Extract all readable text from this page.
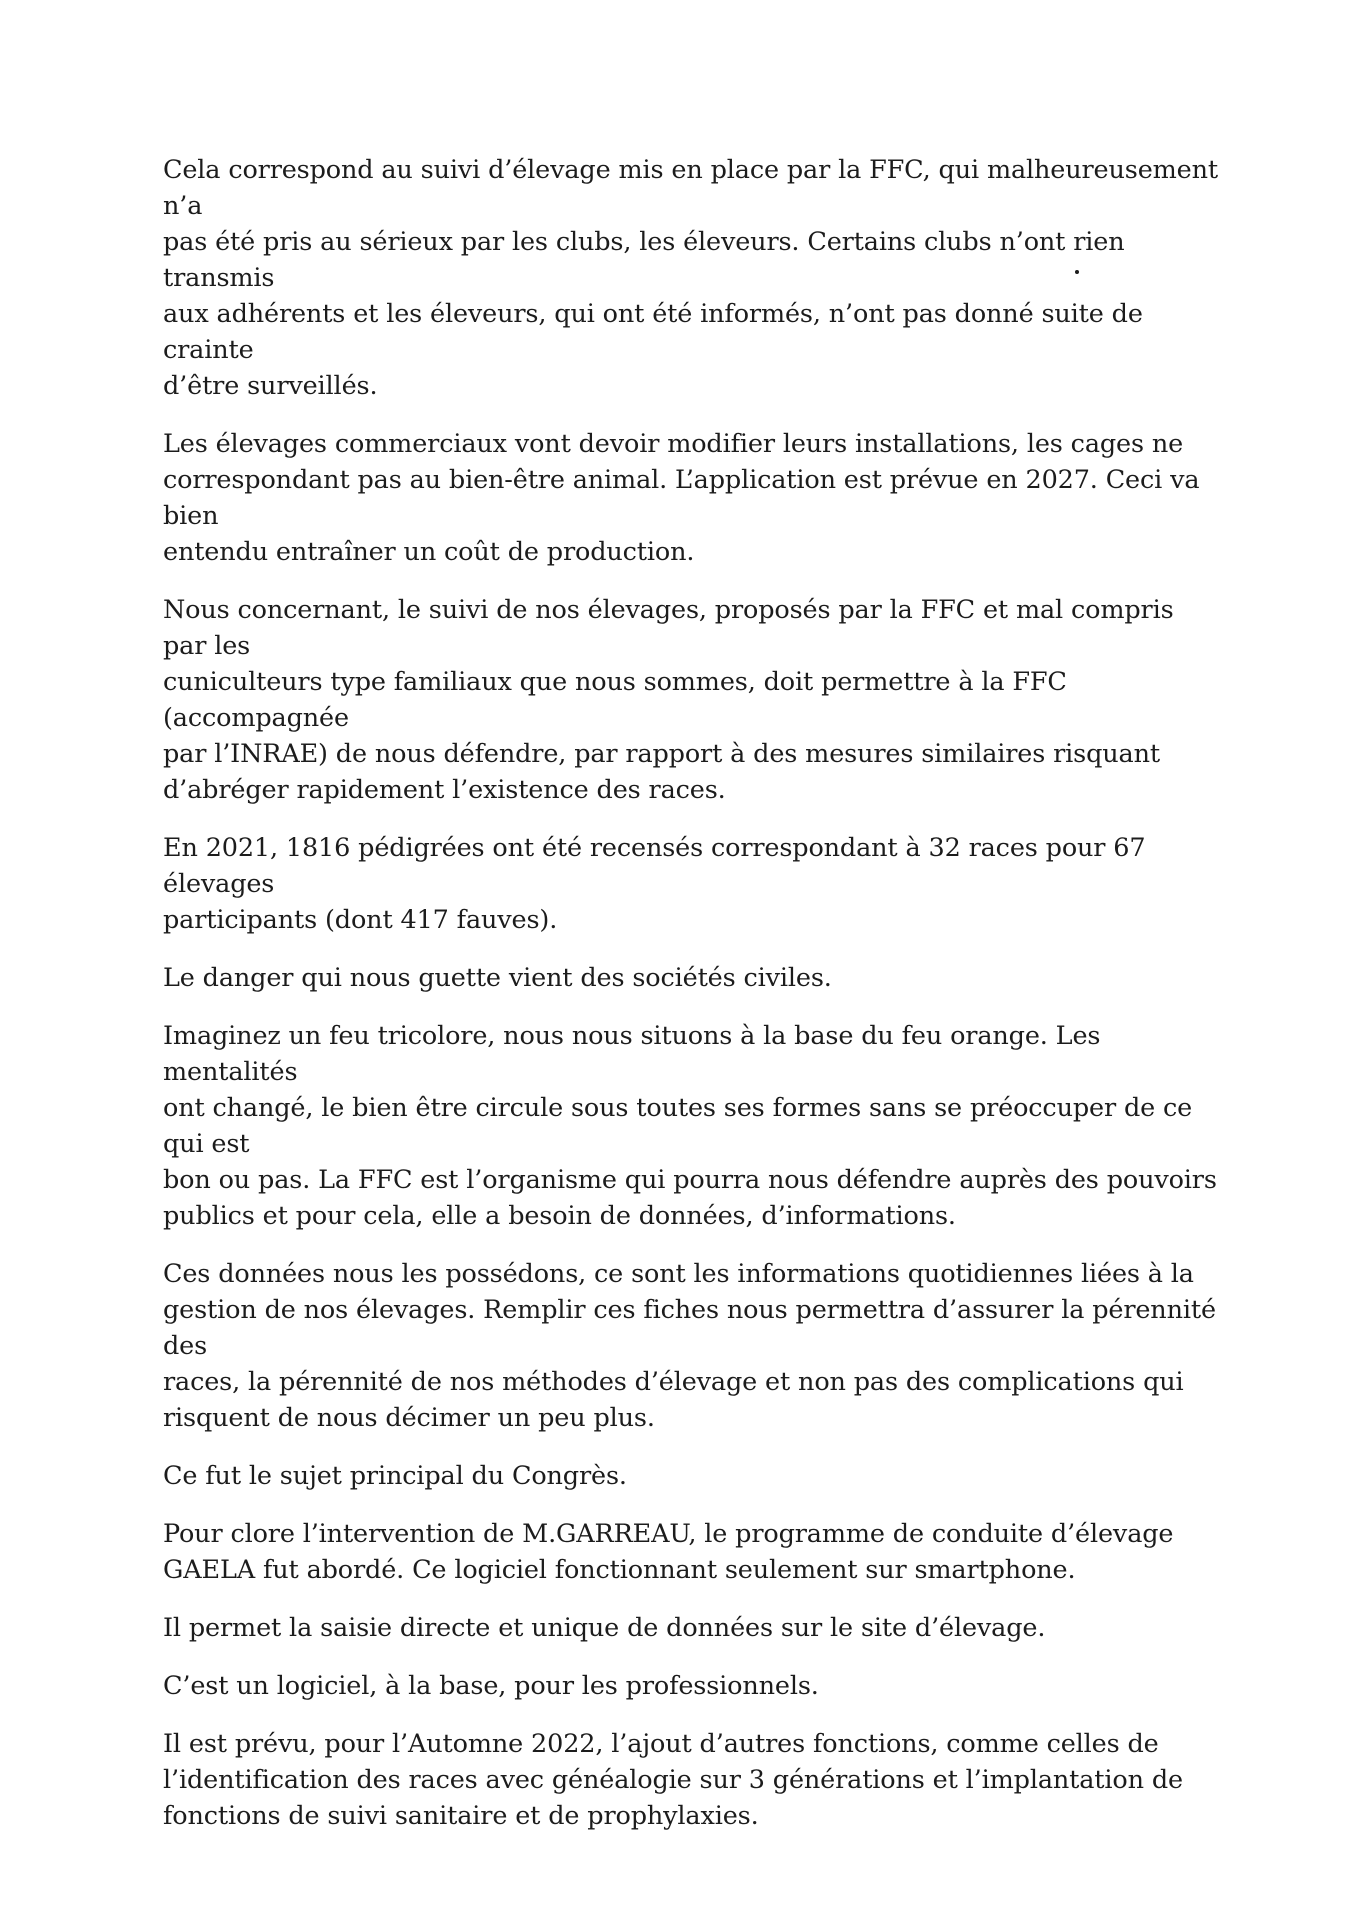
Cela correspond au suivi d’élevage mis en place par la FFC, qui malheureusement n’a
pas été pris au sérieux par les clubs, les éleveurs. Certains clubs n’ont rien transmis
aux adhérents et les éleveurs, qui ont été informés, n’ont pas donné suite de crainte
d’être surveillés.

Les élevages commerciaux vont devoir modifier leurs installations, les cages ne
correspondant pas au bien-être animal. L’application est prévue en 2027. Ceci va bien
entendu entraîner un coût de production.

Nous concernant, le suivi de nos élevages, proposés par la FFC et mal compris par les
cuniculteurs type familiaux que nous sommes, doit permettre à la FFC (accompagnée
par l’INRAE) de nous défendre, par rapport à des mesures similaires risquant
d’abréger rapidement l’existence des races.

En 2021, 1816 pédigrées ont été recensés correspondant à 32 races pour 67 élevages
participants (dont 417 fauves).

Le danger qui nous guette vient des sociétés civiles.

Imaginez un feu tricolore, nous nous situons à la base du feu orange. Les mentalités
ont changé, le bien être circule sous toutes ses formes sans se préoccuper de ce qui est
bon ou pas. La FFC est l’organisme qui pourra nous défendre auprès des pouvoirs
publics et pour cela, elle a besoin de données, d’informations.

Ces données nous les possédons, ce sont les informations quotidiennes liées à la
gestion de nos élevages. Remplir ces fiches nous permettra d’assurer la pérennité des
races, la pérennité de nos méthodes d’élevage et non pas des complications qui
risquent de nous décimer un peu plus.

Ce fut le sujet principal du Congrès.

Pour clore l’intervention de M.GARREAU, le programme de conduite d’élevage
GAELA fut abordé. Ce logiciel fonctionnant seulement sur smartphone.

Il permet la saisie directe et unique de données sur le site d’élevage.

C’est un logiciel, à la base, pour les professionnels.

Il est prévu, pour l’Automne 2022, l’ajout d’autres fonctions, comme celles de
l’identification des races avec généalogie sur 3 générations et l’implantation de
fonctions de suivi sanitaire et de prophylaxies.
